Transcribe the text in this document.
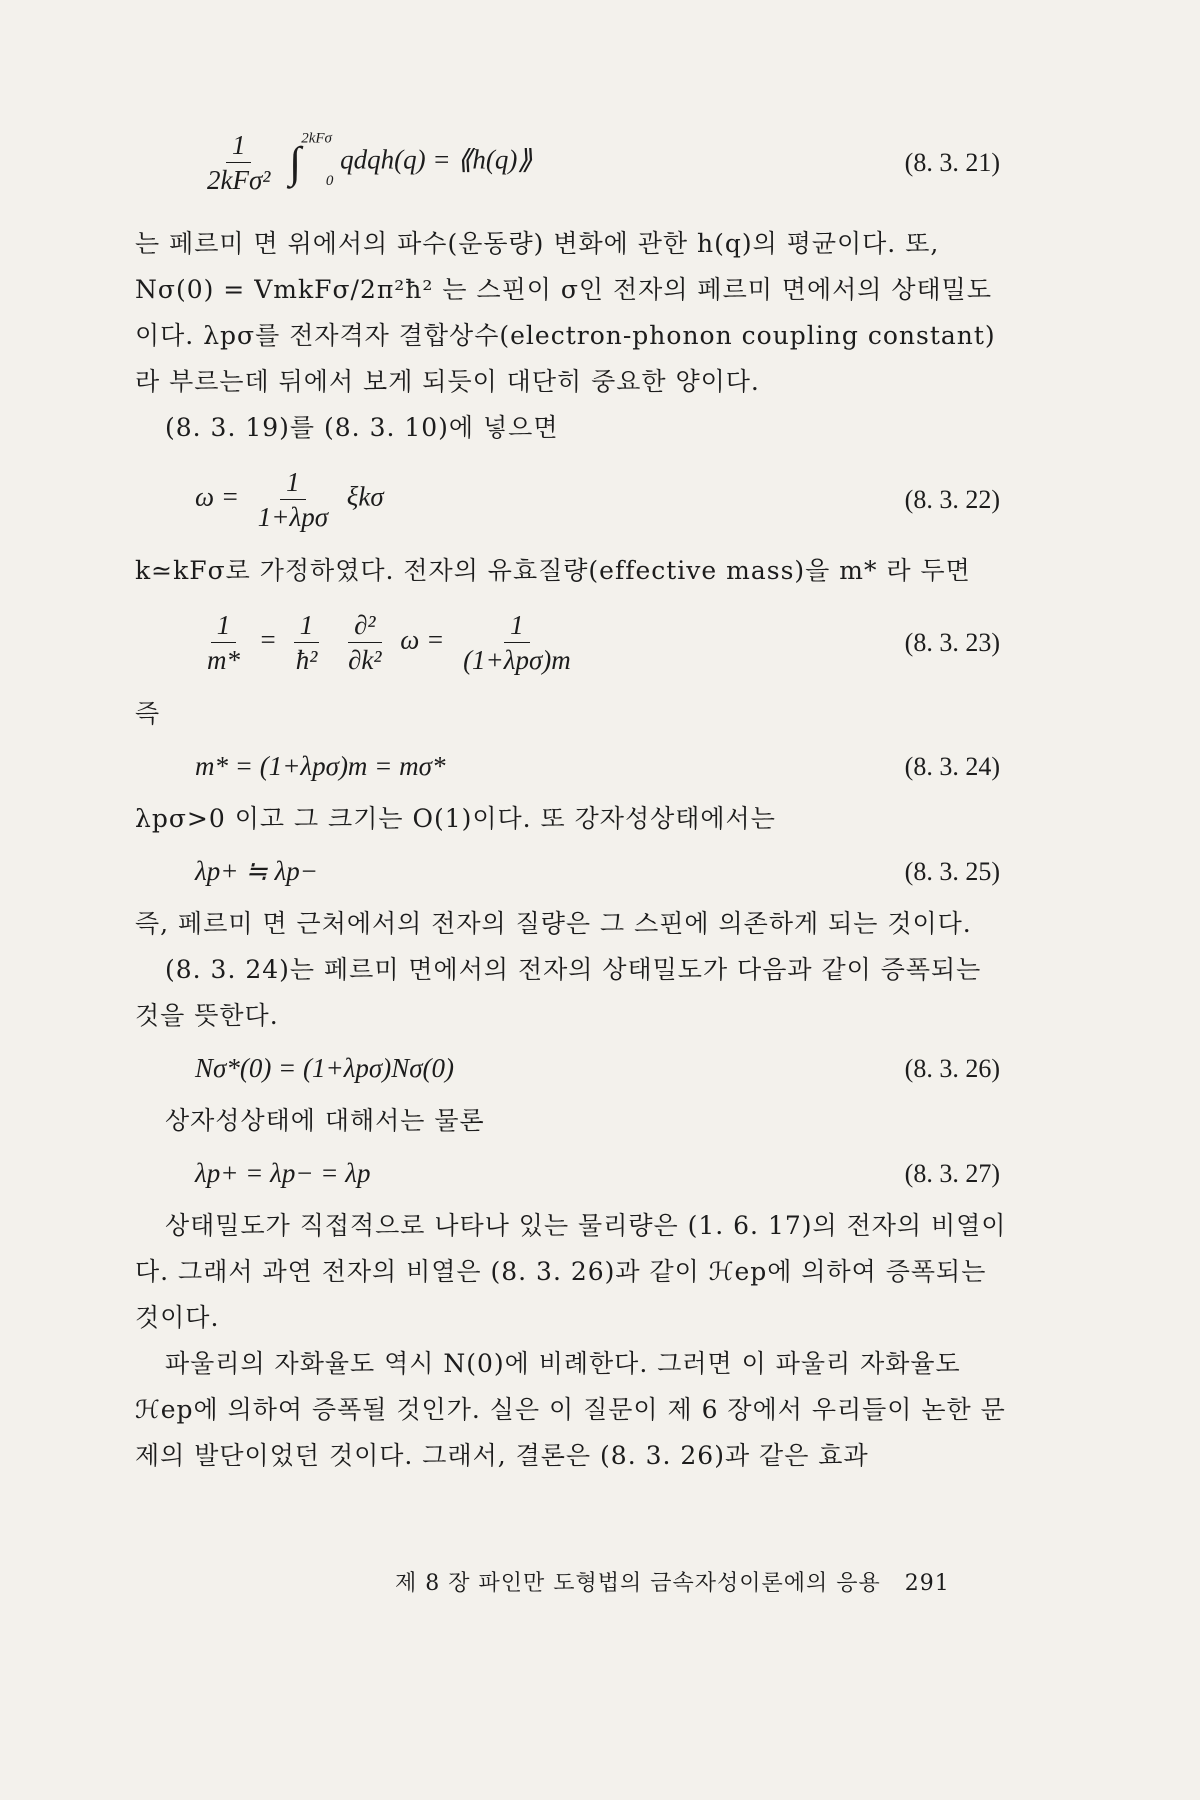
$\frac{1}{\text{2kFσ²}} \int^{2kF\sigma}_0$ qdqh(q) = ⟪h(q)⟫	(8. 3. 21)

는 페르미 면 위에서의 파수(운동량) 변화에 관한 h(q)의 평균이다. 또, Nσ(0) = VmkFσ/2π²ħ² 는 스핀이 σ인 전자의 페르미 면에서의 상태밀도이다. λpσ를 전자격자 결합상수(electron-phonon coupling constant)라 부르는데 뒤에서 보게 되듯이 대단히 중요한 양이다.

(8. 3. 19)를 (8. 3. 10)에 넣으면

$\omega = \frac{1}{\text{1+λpσ}}$ ξkσ	(8. 3. 22)

k≃kFσ로 가정하였다. 전자의 유효질량(effective mass)을 m* 라 두면

$\frac{1}{m*} = \frac{1}{\text{ħ²}}$
$\frac{\text{∂²}}{\text{∂k²}}$ $\omega = \frac{1}{\text{(1+λpσ)m}}$	(8. 3. 23)

즉

m* = (1+λpσ)m = mσ*	(8. 3. 24)

λpσ>0 이고 그 크기는 O(1)이다. 또 강자성상태에서는

λp+ ≒ λp−	(8. 3. 25)

즉, 페르미 면 근처에서의 전자의 질량은 그 스핀에 의존하게 되는 것이다.

(8. 3. 24)는 페르미 면에서의 전자의 상태밀도가 다음과 같이 증폭되는 것을 뜻한다.

Nσ*(0) = (1+λpσ)Nσ(0)	(8. 3. 26)

상자성상태에 대해서는 물론

λp+ = λp− = λp	(8. 3. 27)

상태밀도가 직접적으로 나타나 있는 물리량은 (1. 6. 17)의 전자의 비열이다. 그래서 과연 전자의 비열은 (8. 3. 26)과 같이 ℋep에 의하여 증폭되는 것이다.

파울리의 자화율도 역시 N(0)에 비례한다. 그러면 이 파울리 자화율도 ℋep에 의하여 증폭될 것인가. 실은 이 질문이 제 6 장에서 우리들이 논한 문제의 발단이었던 것이다. 그래서, 결론은 (8. 3. 26)과 같은 효과

제 8 장 파인만 도형법의 금속자성이론에의 응용 291
